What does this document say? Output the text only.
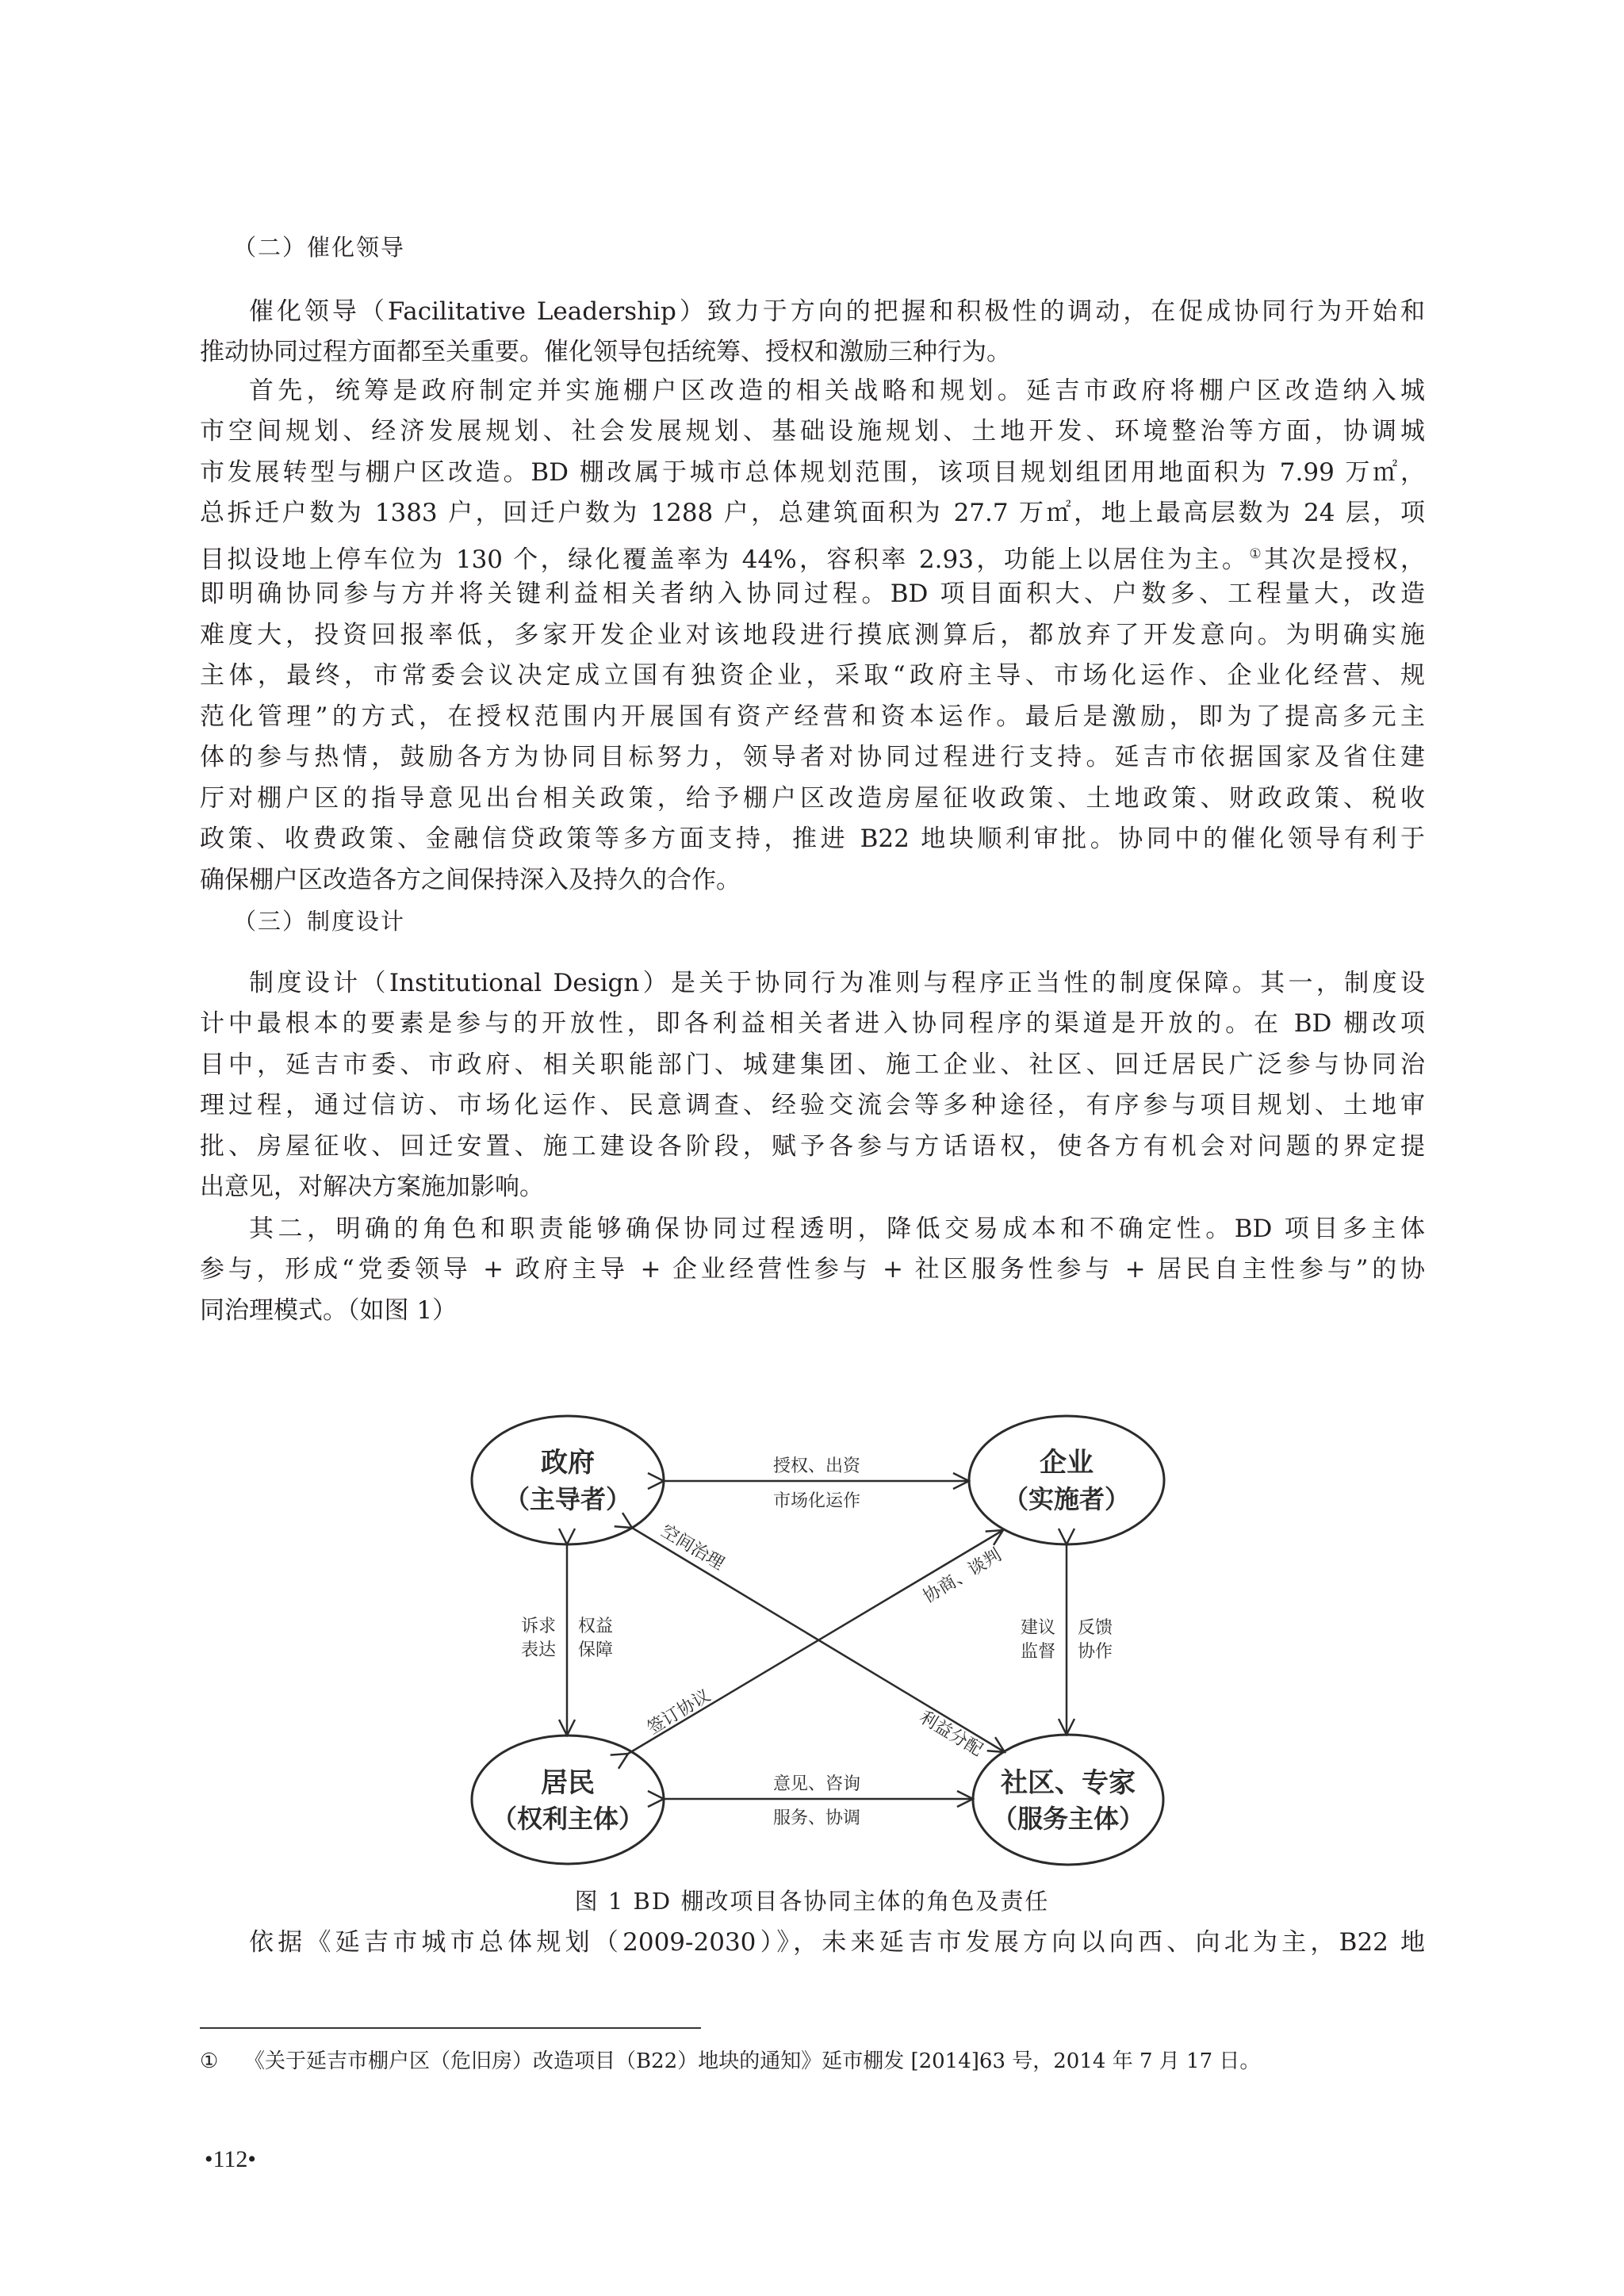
（二）催化领导
催化领导（Facilitative Leadership）致力于方向的把握和积极性的调动，在促成协同行为开始和
推动协同过程方面都至关重要。催化领导包括统筹、授权和激励三种行为。
首先，统筹是政府制定并实施棚户区改造的相关战略和规划。延吉市政府将棚户区改造纳入城
市空间规划、经济发展规划、社会发展规划、基础设施规划、土地开发、环境整治等方面，协调城
市发展转型与棚户区改造。BD 棚改属于城市总体规划范围，该项目规划组团用地面积为 7.99 万㎡，
总拆迁户数为 1383 户，回迁户数为 1288 户，总建筑面积为 27.7 万㎡，地上最高层数为 24 层，项
目拟设地上停车位为 130 个，绿化覆盖率为 44%，容积率 2.93，功能上以居住为主。①其次是授权，
即明确协同参与方并将关键利益相关者纳入协同过程。BD 项目面积大、户数多、工程量大，改造
难度大，投资回报率低，多家开发企业对该地段进行摸底测算后，都放弃了开发意向。为明确实施
主体，最终，市常委会议决定成立国有独资企业，采取“政府主导、市场化运作、企业化经营、规
范化管理”的方式，在授权范围内开展国有资产经营和资本运作。最后是激励，即为了提高多元主
体的参与热情，鼓励各方为协同目标努力，领导者对协同过程进行支持。延吉市依据国家及省住建
厅对棚户区的指导意见出台相关政策，给予棚户区改造房屋征收政策、土地政策、财政政策、税收
政策、收费政策、金融信贷政策等多方面支持，推进 B22 地块顺利审批。协同中的催化领导有利于
确保棚户区改造各方之间保持深入及持久的合作。
（三）制度设计
制度设计（Institutional Design）是关于协同行为准则与程序正当性的制度保障。其一，制度设
计中最根本的要素是参与的开放性，即各利益相关者进入协同程序的渠道是开放的。在 BD 棚改项
目中，延吉市委、市政府、相关职能部门、城建集团、施工企业、社区、回迁居民广泛参与协同治
理过程，通过信访、市场化运作、民意调查、经验交流会等多种途径，有序参与项目规划、土地审
批、房屋征收、回迁安置、施工建设各阶段，赋予各参与方话语权，使各方有机会对问题的界定提
出意见，对解决方案施加影响。
其二，明确的角色和职责能够确保协同过程透明，降低交易成本和不确定性。BD 项目多主体
参与，形成“党委领导 + 政府主导 + 企业经营性参与 + 社区服务性参与 + 居民自主性参与”的协
同治理模式。（如图 1）
政府
（主导者）
企业
（实施者）
居民
（权利主体）
社区、专家
（服务主体）
授权、出资
市场化运作
意见、咨询
服务、协调
诉求
表达
权益
保障
建议
监督
反馈
协作
空间治理
利益分配
协商、谈判
签订协议
图 1 BD 棚改项目各协同主体的角色及责任
依据《延吉市城市总体规划（2009-2030）》，未来延吉市发展方向以向西、向北为主，B22 地
① 《关于延吉市棚户区（危旧房）改造项目（B22）地块的通知》延市棚发 [2014]63 号，2014 年 7 月 17 日。
•112•
